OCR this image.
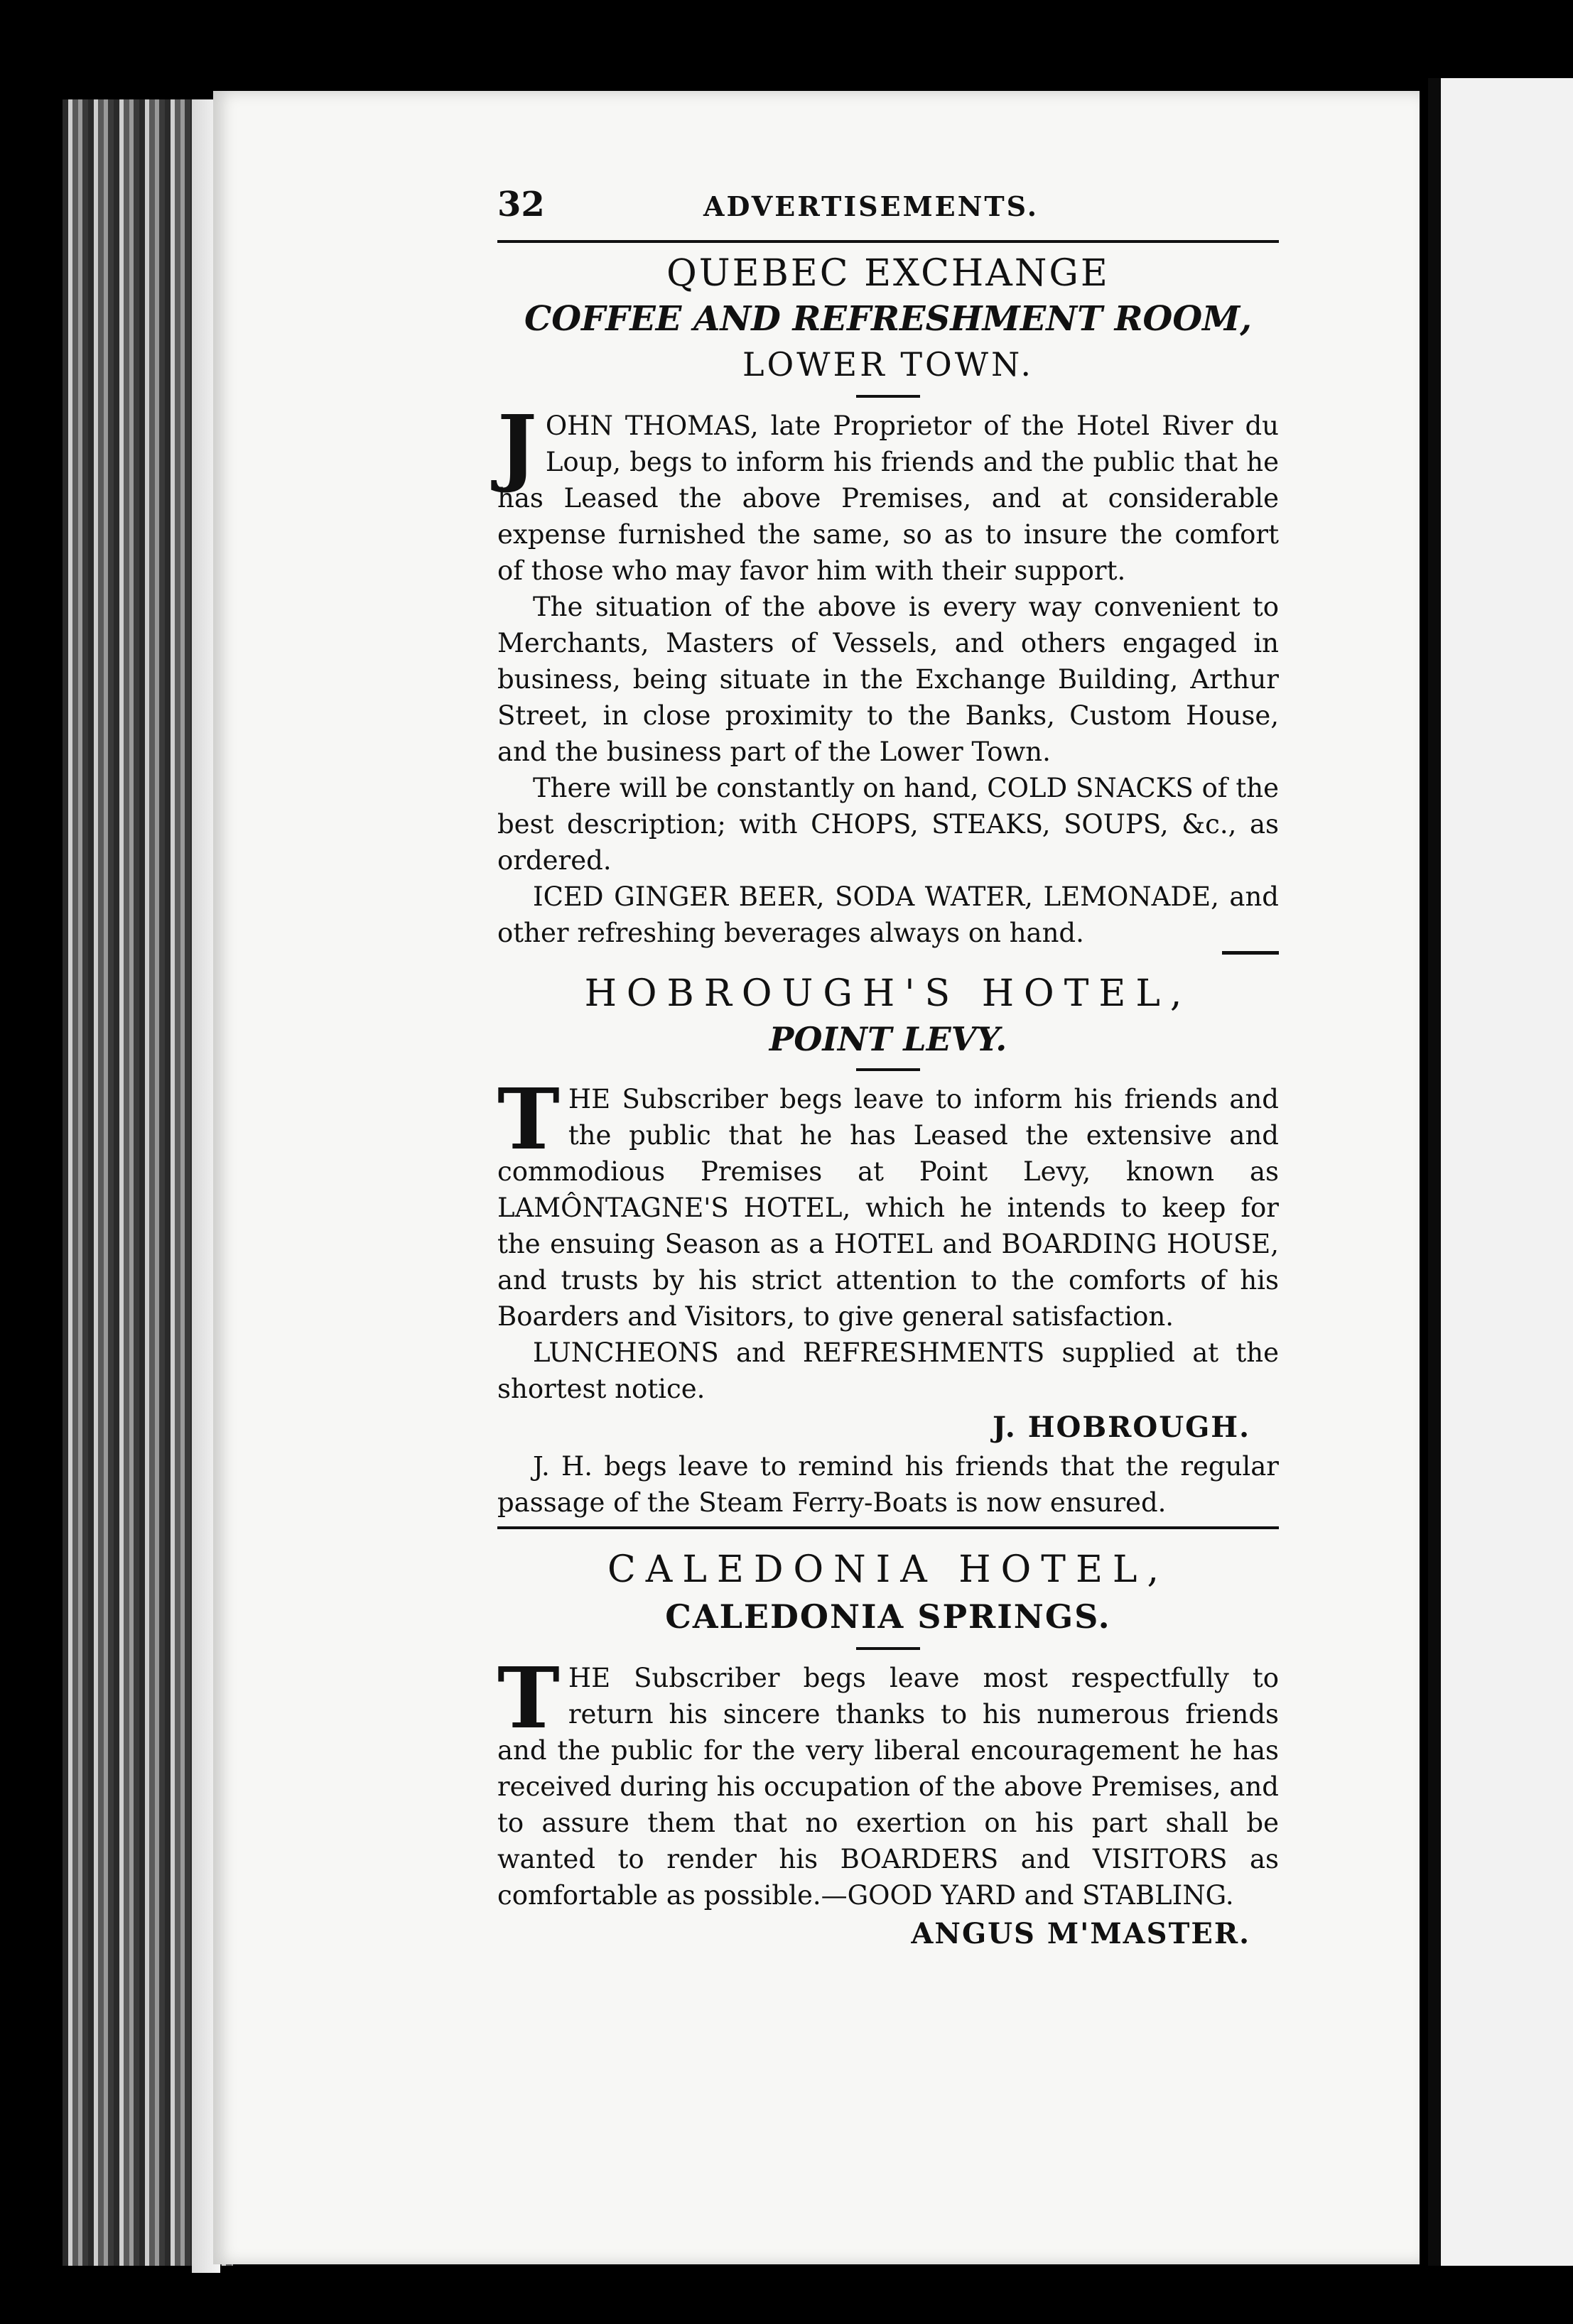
32	ADVERTISEMENTS.
QUEBEC EXCHANGE
COFFEE AND REFRESHMENT ROOM,
LOWER TOWN.

JOHN THOMAS, late Proprietor of the Hotel River du Loup, begs to inform his friends and the public that he has Leased the above Premises, and at considerable expense furnished the same, so as to insure the comfort of those who may favor him with their support.

The situation of the above is every way convenient to Merchants, Masters of Vessels, and others engaged in business, being situate in the Exchange Building, Arthur Street, in close proximity to the Banks, Custom House, and the business part of the Lower Town.

There will be constantly on hand, COLD SNACKS of the best description; with CHOPS, STEAKS, SOUPS, &c., as ordered.

ICED GINGER BEER, SODA WATER, LEMONADE, and other refreshing beverages always on hand.

HOBROUGH'S HOTEL,
POINT LEVY.

THE Subscriber begs leave to inform his friends and the public that he has Leased the extensive and commodious Premises at Point Levy, known as LAMÔNTAGNE'S HOTEL, which he intends to keep for the ensuing Season as a HOTEL and BOARDING HOUSE, and trusts by his strict attention to the comforts of his Boarders and Visitors, to give general satisfaction.

LUNCHEONS and REFRESHMENTS supplied at the shortest notice.

J. HOBROUGH.

J. H. begs leave to remind his friends that the regular passage of the Steam Ferry-Boats is now ensured.

CALEDONIA HOTEL,
CALEDONIA SPRINGS.

THE Subscriber begs leave most respectfully to return his sincere thanks to his numerous friends and the public for the very liberal encouragement he has received during his occupation of the above Premises, and to assure them that no exertion on his part shall be wanted to render his BOARDERS and VISITORS as comfortable as possible.—GOOD YARD and STABLING.

ANGUS M'MASTER.
